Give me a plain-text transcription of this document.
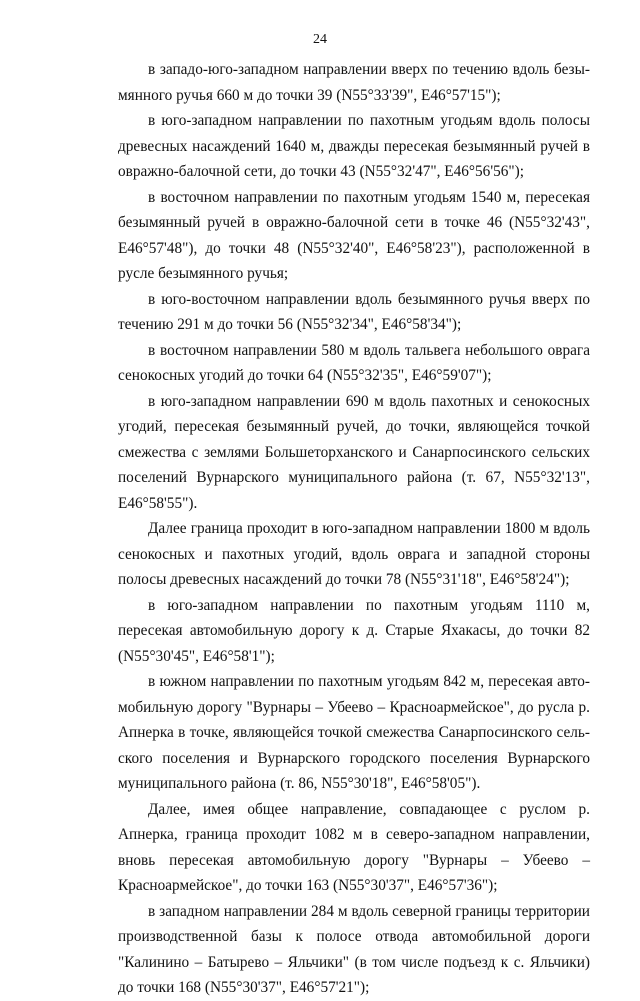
24

в западо-юго-западном направлении вверх по течению вдоль безымянного ручья 660 м до точки 39 (N55°33'39", E46°57'15");

в юго-западном направлении по пахотным угодьям вдоль полосы древесных насаждений 1640 м, дважды пересекая безымянный ручей в овражно-балочной сети, до точки 43 (N55°32'47", E46°56'56");

в восточном направлении по пахотным угодьям 1540 м, пересекая безымянный ручей в овражно-балочной сети в точке 46 (N55°32'43", E46°57'48"), до точки 48 (N55°32'40", E46°58'23"), расположенной в русле безымянного ручья;

в юго-восточном направлении вдоль безымянного ручья вверх по течению 291 м до точки 56 (N55°32'34", E46°58'34");

в восточном направлении 580 м вдоль тальвега небольшого оврага сенокосных угодий до точки 64 (N55°32'35", E46°59'07");

в юго-западном направлении 690 м вдоль пахотных и сенокосных угодий, пересекая безымянный ручей, до точки, являющейся точкой смежества с землями Большеторханского и Санарпосинского сельских поселений Вурнарского муниципального района (т. 67, N55°32'13", E46°58'55").

Далее граница проходит в юго-западном направлении 1800 м вдоль сенокосных и пахотных угодий, вдоль оврага и западной стороны полосы древесных насаждений до точки 78 (N55°31'18", E46°58'24");

в юго-западном направлении по пахотным угодьям 1110 м, пересекая автомобильную дорогу к д. Старые Яхакасы, до точки 82 (N55°30'45", E46°58'1");

в южном направлении по пахотным угодьям 842 м, пересекая автомобильную дорогу "Вурнары – Убеево – Красноармейское", до русла р. Апнерка в точке, являющейся точкой смежества Санарпосинского сельского поселения и Вурнарского городского поселения Вурнарского муниципального района (т. 86, N55°30'18", E46°58'05").

Далее, имея общее направление, совпадающее с руслом р. Апнерка, граница проходит 1082 м в северо-западном направлении, вновь пересекая автомобильную дорогу "Вурнары – Убеево – Красноармейское", до точки 163 (N55°30'37", E46°57'36");

в западном направлении 284 м вдоль северной границы территории производственной базы к полосе отвода автомобильной дороги "Калинино – Батырево – Яльчики" (в том числе подъезд к с. Яльчики) до точки 168 (N55°30'37", E46°57'21");
